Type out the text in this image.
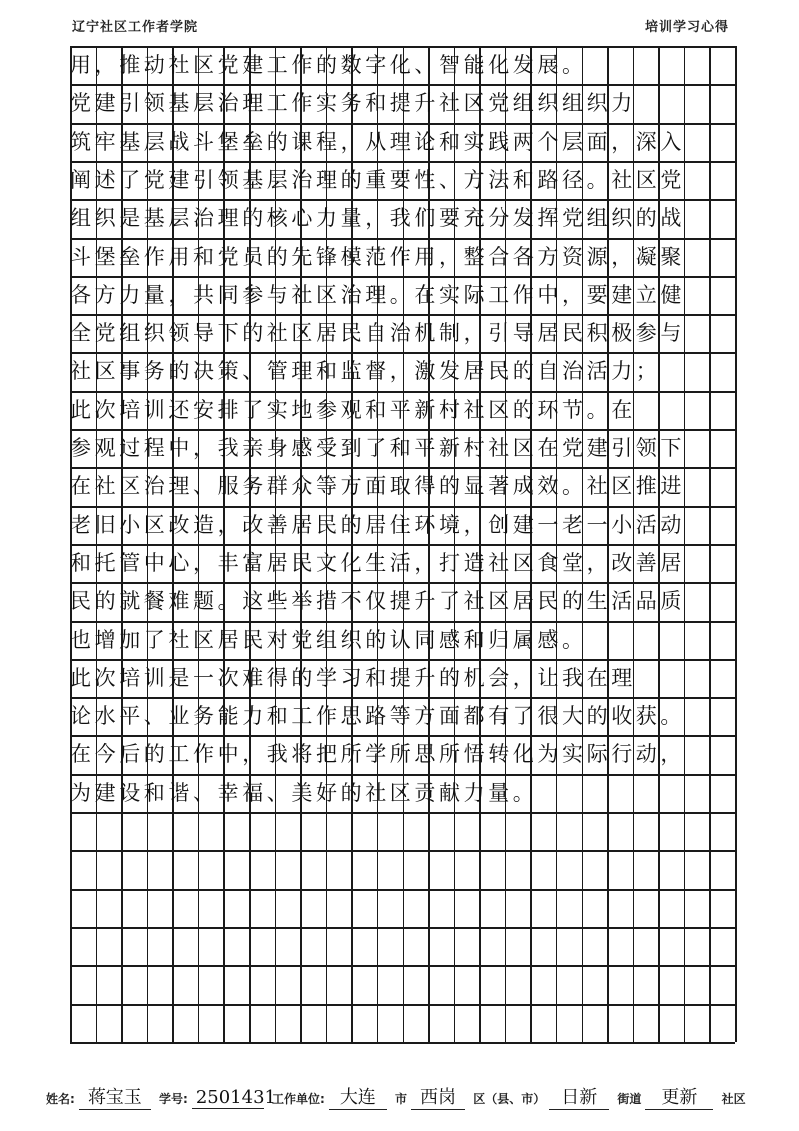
辽宁社区工作者学院	培训学习心得
用，推动社区党建工作的数字化、智能化发展。
党建引领基层治理工作实务和提升社区党组织组织力
筑牢基层战斗堡垒的课程，从理论和实践两个层面，深入
阐述了党建引领基层治理的重要性、方法和路径。社区党
组织是基层治理的核心力量，我们要充分发挥党组织的战
斗堡垒作用和党员的先锋模范作用，整合各方资源，凝聚
各方力量，共同参与社区治理。在实际工作中，要建立健
全党组织领导下的社区居民自治机制，引导居民积极参与
社区事务的决策、管理和监督，激发居民的自治活力；
此次培训还安排了实地参观和平新村社区的环节。在
参观过程中，我亲身感受到了和平新村社区在党建引领下
在社区治理、服务群众等方面取得的显著成效。社区推进
老旧小区改造，改善居民的居住环境，创建一老一小活动
和托管中心，丰富居民文化生活，打造社区食堂，改善居
民的就餐难题。这些举措不仅提升了社区居民的生活品质
也增加了社区居民对党组织的认同感和归属感。
此次培训是一次难得的学习和提升的机会，让我在理
论水平、业务能力和工作思路等方面都有了很大的收获。
在今后的工作中，我将把所学所思所悟转化为实际行动，
为建设和谐、幸福、美好的社区贡献力量。
姓名: 蒋宝玉 学号: 2501431 工作单位: 大连 市 西岗 区（县、市） 日新 街道 更新 社区
